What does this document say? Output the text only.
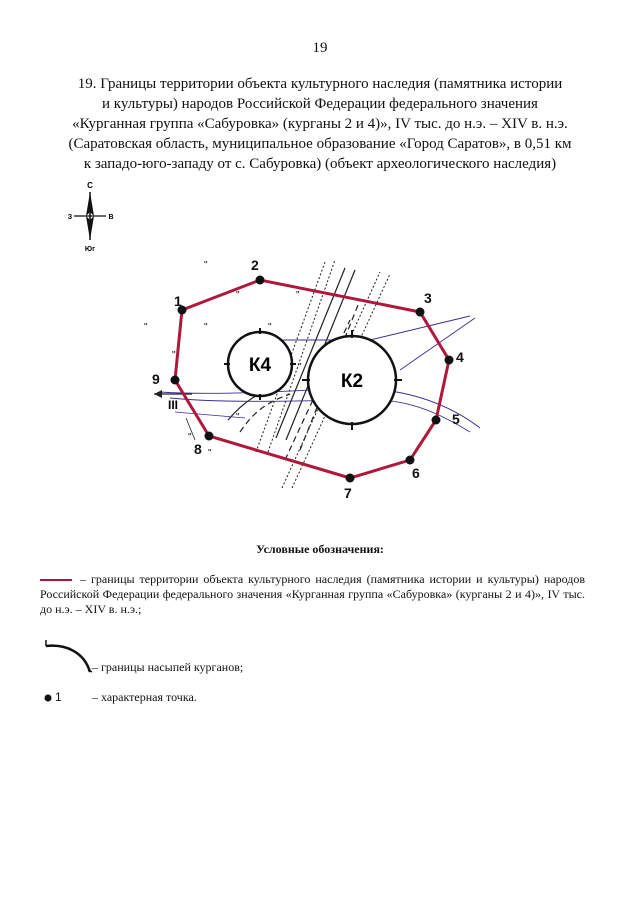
19
19. Границы территории объекта культурного наследия (памятника истории
и культуры) народов Российской Федерации федерального значения
«Курганная группа «Сабуровка» (курганы 2 и 4)», IV тыс. до н.э. – XIV в. н.э.
(Саратовская область, муниципальное образование «Город Саратов», в 0,51 км
к западо-юго-западу от с. Сабуровка) (объект археологического наследия)
С
З	В
Юг
III
К4
К2
"
"	"
"
"	"
"
"
"
"
"
1
2
3
4
5
6
7
8
9
Условные обозначения:
– границы территории объекта культурного наследия (памятника истории и культуры) народов Российской Федерации федерального значения «Курганная группа «Сабуровка» (курганы 2 и 4)», IV тыс. до н.э. – XIV в. н.э.;
– границы насыпей курганов;
1	– характерная точка.
